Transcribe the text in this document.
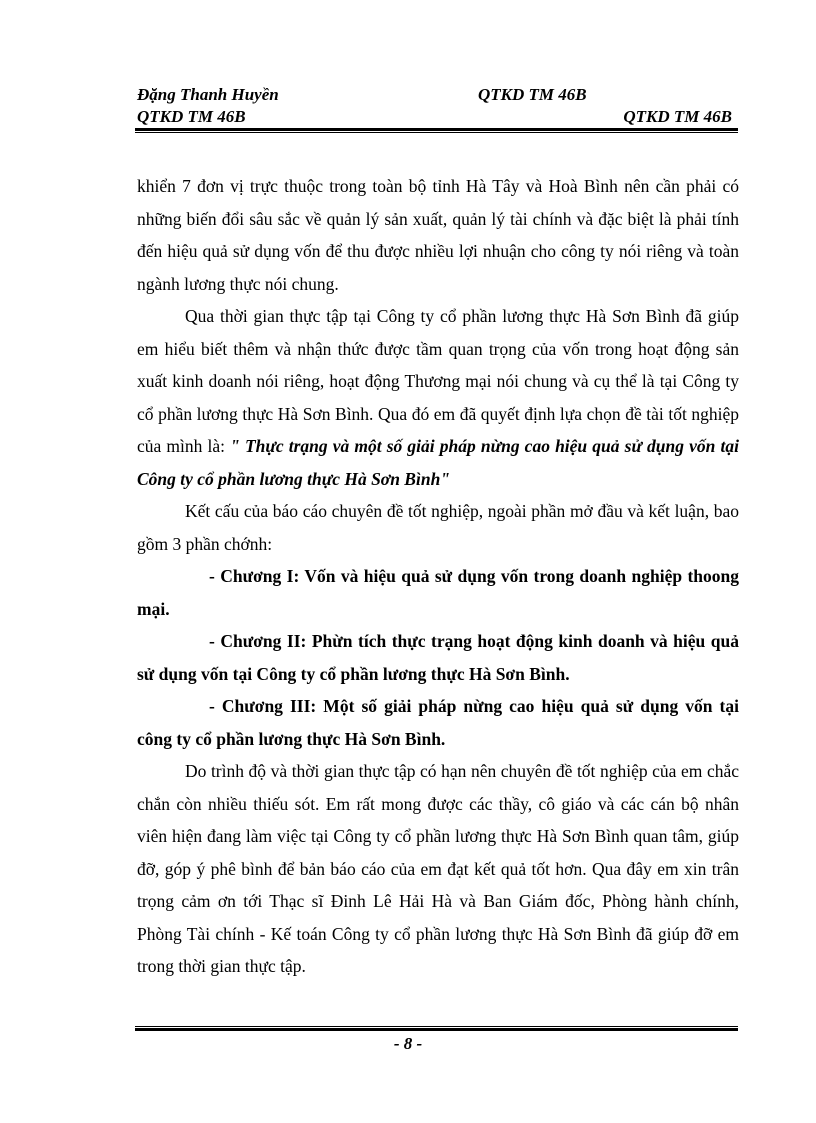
Đặng Thanh Huyền	QTKD TM 46B
QTKD TM 46B	QTKD TM 46B

khiển 7 đơn vị trực thuộc trong toàn bộ tỉnh Hà Tây và Hoà Bình nên cần phải có những biến đổi sâu sắc về quản lý sản xuất, quản lý tài chính và đặc biệt là phải tính đến hiệu quả sử dụng vốn để thu được nhiều lợi nhuận cho công ty nói riêng và toàn ngành lương thực nói chung.

Qua thời gian thực tập tại Công ty cổ phần lương thực Hà Sơn Bình đã giúp em hiểu biết thêm và nhận thức được tầm quan trọng của vốn trong hoạt động sản xuất kinh doanh nói riêng, hoạt động Thương mại nói chung và cụ thể là tại Công ty cổ phần lương thực Hà Sơn Bình. Qua đó em đã quyết định lựa chọn đề tài tốt nghiệp của mình là: " Thực trạng và một số giải pháp nừng cao hiệu quả sử dụng vốn tại Công ty cổ phần lương thực Hà Sơn Bình"

Kết cấu của báo cáo chuyên đề tốt nghiệp, ngoài phần mở đầu và kết luận, bao gồm 3 phần chớnh:

- Chương I: Vốn và hiệu quả sử dụng vốn trong doanh nghiệp thoong mại.

- Chương II: Phừn tích thực trạng hoạt động kinh doanh và hiệu quả sử dụng vốn tại Công ty cổ phần lương thực Hà Sơn Bình.

- Chương III: Một số giải pháp nừng cao hiệu quả sử dụng vốn tại công ty cổ phần lương thực Hà Sơn Bình.

Do trình độ và thời gian thực tập có hạn nên chuyên đề tốt nghiệp của em chắc chắn còn nhiều thiếu sót. Em rất mong được các thầy, cô giáo và các cán bộ nhân viên hiện đang làm việc tại Công ty cổ phần lương thực Hà Sơn Bình quan tâm, giúp đỡ, góp ý phê bình để bản báo cáo của em đạt kết quả tốt hơn. Qua đây em xin trân trọng cảm ơn tới Thạc sĩ Đinh Lê Hải Hà và Ban Giám đốc, Phòng hành chính, Phòng Tài chính - Kế toán Công ty cổ phần lương thực Hà Sơn Bình đã giúp đỡ em trong thời gian thực tập.

- 8 -
